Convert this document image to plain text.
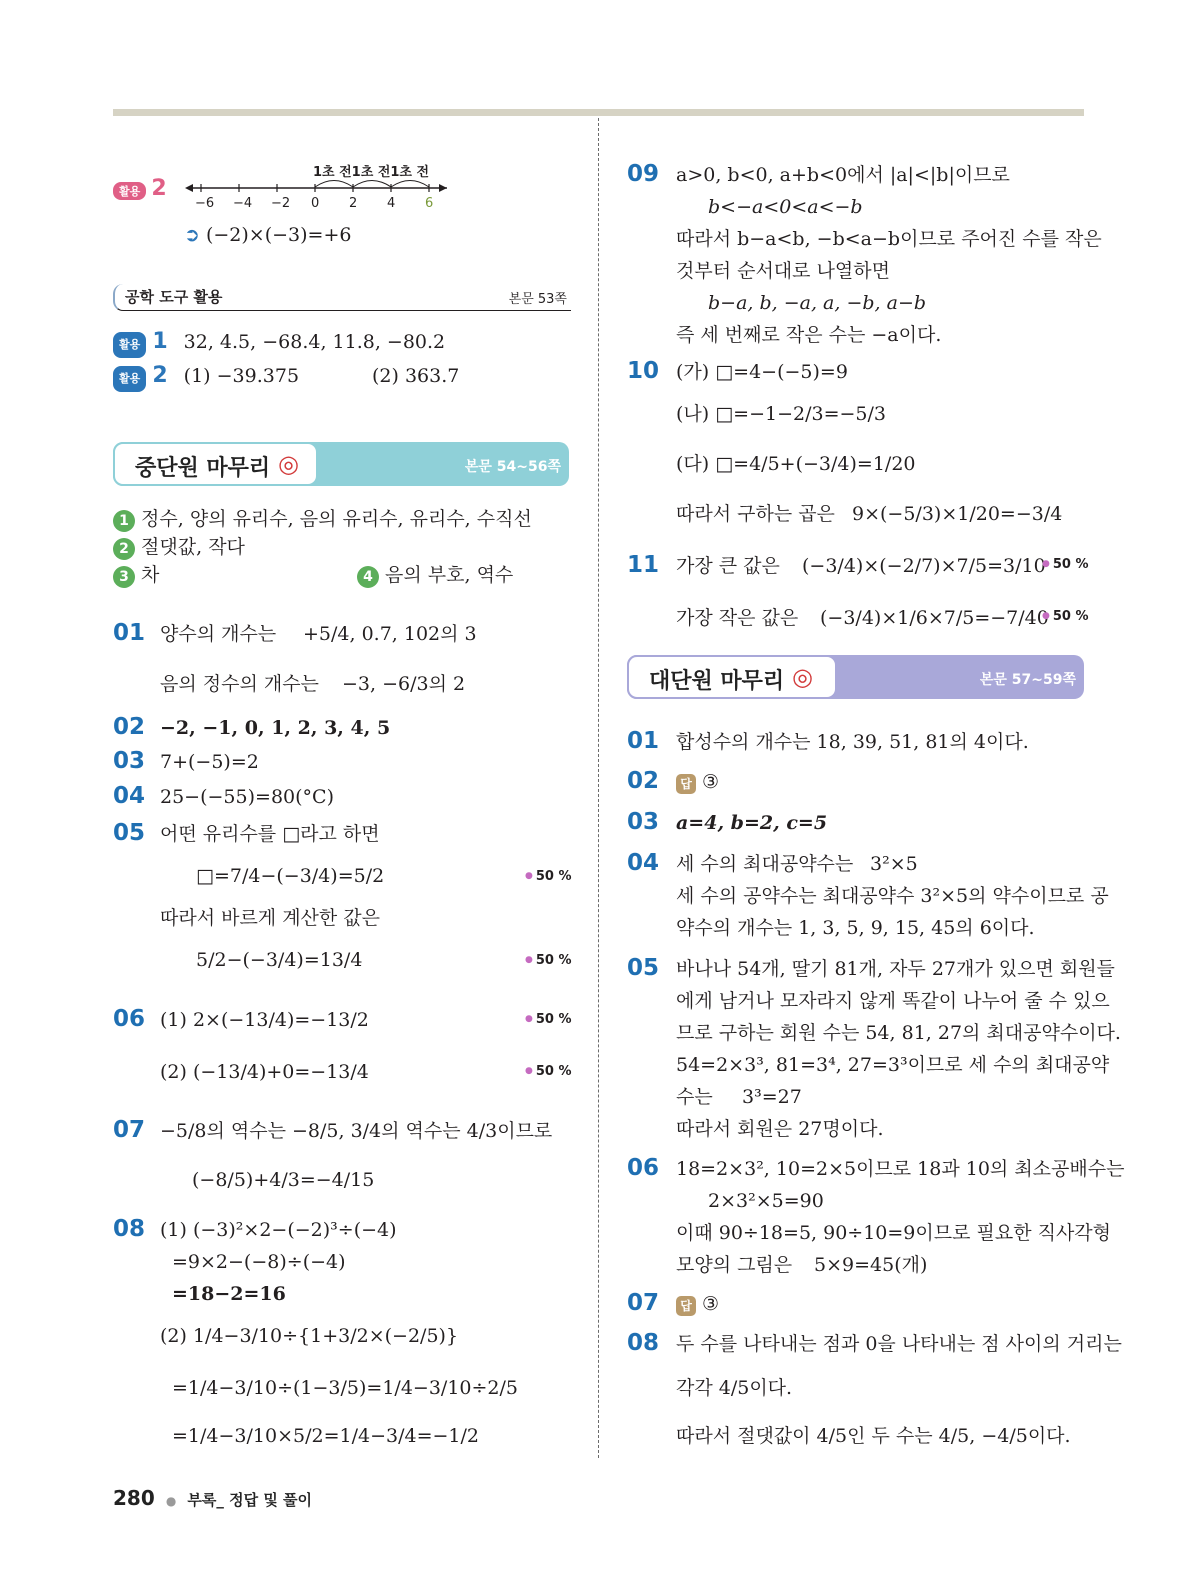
활용 2
1초 전1초 전1초 전
−6 −4 −2 0 2 4 6
➲ (−2)×(−3)=+6
공학 도구 활용	본문 53쪽
활용 1 32, 4.5, −68.4, 11.8, −80.2
활용 2 (1) −39.375	(2) 363.7
중단원 마무리 ◎	본문 54~56쪽
1 정수, 양의 유리수, 음의 유리수, 유리수, 수직선
2 절댓값, 작다
3 차	4 음의 부호, 역수
01 양수의 개수는 +5/4, 0.7, 102의 3
음의 정수의 개수는 −3, −6/3의 2
02 −2, −1, 0, 1, 2, 3, 4, 5
03 7+(−5)=2
04 25−(−55)=80(°C)
05 어떤 유리수를 □라고 하면
□=7/4−(−3/4)=5/2	● 50 %
따라서 바르게 계산한 값은
5/2−(−3/4)=13/4	● 50 %
06 (1) 2×(−13/4)=−13/2	● 50 %
(2) (−13/4)+0=−13/4	● 50 %
07 −5/8의 역수는 −8/5, 3/4의 역수는 4/3이므로
(−8/5)+4/3=−4/15
08 (1) (−3)²×2−(−2)³÷(−4)
=9×2−(−8)÷(−4)
=18−2=16
(2) 1/4−3/10÷{1+3/2×(−2/5)}
=1/4−3/10÷(1−3/5)=1/4−3/10÷2/5
=1/4−3/10×5/2=1/4−3/4=−1/2
09 a>0, b<0, a+b<0에서 |a|<|b|이므로
b<−a<0<a<−b
따라서 b−a<b, −b<a−b이므로 주어진 수를 작은
것부터 순서대로 나열하면
b−a, b, −a, a, −b, a−b
즉 세 번째로 작은 수는 −a이다.
10 (가) □=4−(−5)=9
(나) □=−1−2/3=−5/3
(다) □=4/5+(−3/4)=1/20
따라서 구하는 곱은 9×(−5/3)×1/20=−3/4
11 가장 큰 값은 (−3/4)×(−2/7)×7/5=3/10 ● 50 %
가장 작은 값은 (−3/4)×1/6×7/5=−7/40 ● 50 %
대단원 마무리 ◎	본문 57~59쪽
01 합성수의 개수는 18, 39, 51, 81의 4이다.
02	답 ③
03 a=4, b=2, c=5
04 세 수의 최대공약수는 3²×5
세 수의 공약수는 최대공약수 3²×5의 약수이므로 공
약수의 개수는 1, 3, 5, 9, 15, 45의 6이다.
05 바나나 54개, 딸기 81개, 자두 27개가 있으면 회원들
에게 남거나 모자라지 않게 똑같이 나누어 줄 수 있으
므로 구하는 회원 수는 54, 81, 27의 최대공약수이다.
54=2×3³, 81=3⁴, 27=3³이므로 세 수의 최대공약
수는 3³=27
따라서 회원은 27명이다.
06 18=2×3², 10=2×5이므로 18과 10의 최소공배수는
2×3²×5=90
이때 90÷18=5, 90÷10=9이므로 필요한 직사각형
모양의 그림은 5×9=45(개)
07	답 ③
08 두 수를 나타내는 점과 0을 나타내는 점 사이의 거리는
각각 4/5이다.
따라서 절댓값이 4/5인 두 수는 4/5, −4/5이다.
280 ● 부록_ 정답 및 풀이
